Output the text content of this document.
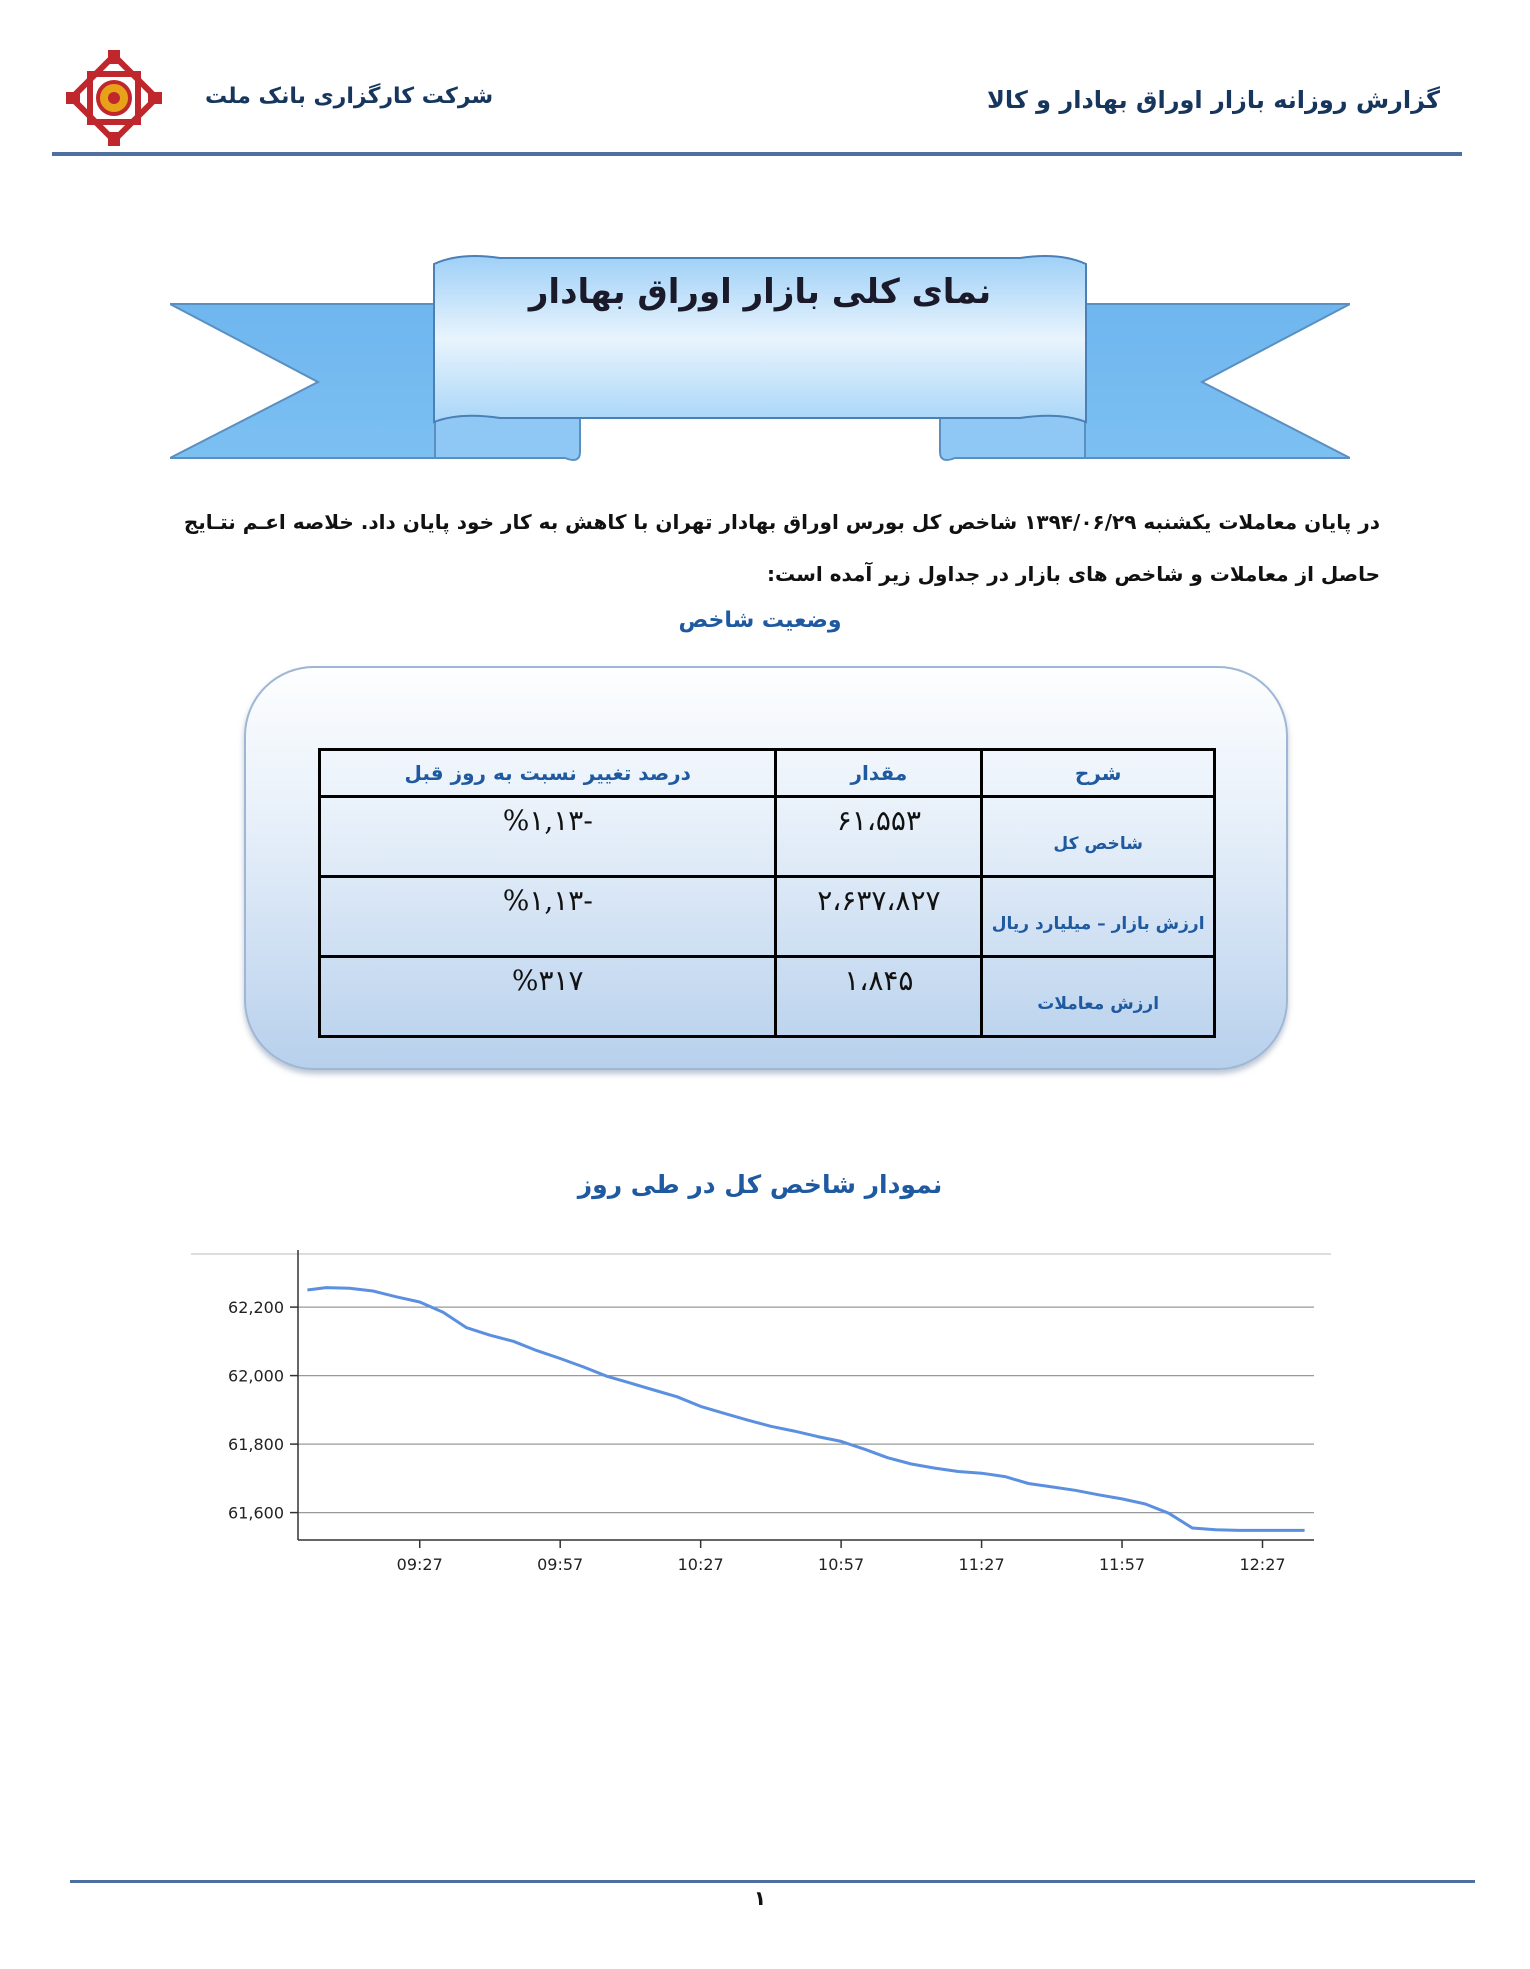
شرکت کارگزاری بانک ملت	گزارش روزانه بازار اوراق بهادار و کالا
نمای کلی بازار اوراق بهادار
در پایان معاملات یکشنبه ۱۳۹۴/۰۶/۲۹ شاخص کل بورس اوراق بهادار تهران با کاهش به کار خود پایان داد. خلاصه اعـم نتـایج
حاصل از معاملات و شاخص های بازار در جداول زیر آمده است:
وضعیت شاخص
شرح	مقدار	درصد تغییر نسبت به روز قبل
شاخص کل	۶۱،۵۵۳	-%۱,۱۳
ارزش بازار – میلیارد ریال	۲،۶۳۷،۸۲۷	-%۱,۱۳
ارزش معاملات	۱،۸۴۵	%۳۱۷
نمودار شاخص کل در طی روز
61,600
61,800
62,000
62,200
09:27	09:57	10:27	10:57	11:27	11:57	12:27
۱
